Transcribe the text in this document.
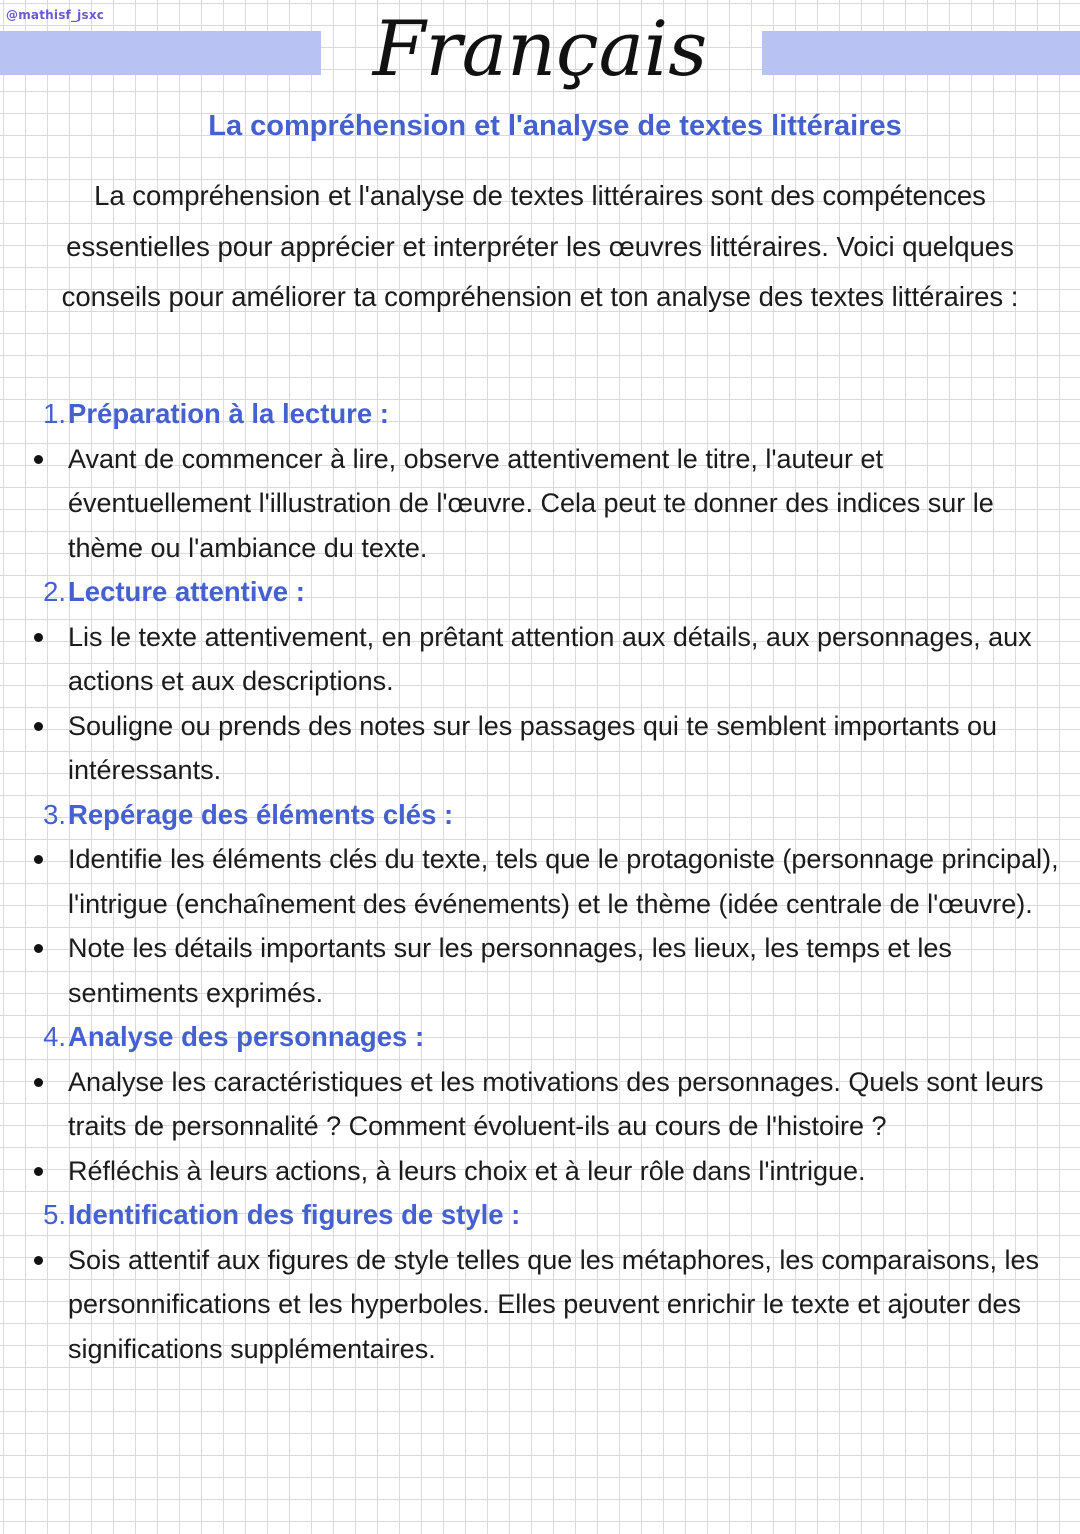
@mathisf_jsxc	Français
La compréhension et l'analyse de textes littéraires

La compréhension et l'analyse de textes littéraires sont des compétences essentielles pour apprécier et interpréter les œuvres littéraires. Voici quelques conseils pour améliorer ta compréhension et ton analyse des textes littéraires :

1. Préparation à la lecture :
Avant de commencer à lire, observe attentivement le titre, l'auteur et éventuellement l'illustration de l'œuvre. Cela peut te donner des indices sur le thème ou l'ambiance du texte.
2. Lecture attentive :
Lis le texte attentivement, en prêtant attention aux détails, aux personnages, aux actions et aux descriptions.
Souligne ou prends des notes sur les passages qui te semblent importants ou intéressants.
3. Repérage des éléments clés :
Identifie les éléments clés du texte, tels que le protagoniste (personnage principal), l'intrigue (enchaînement des événements) et le thème (idée centrale de l'œuvre).
Note les détails importants sur les personnages, les lieux, les temps et les sentiments exprimés.
4. Analyse des personnages :
Analyse les caractéristiques et les motivations des personnages. Quels sont leurs traits de personnalité ? Comment évoluent-ils au cours de l'histoire ?
Réfléchis à leurs actions, à leurs choix et à leur rôle dans l'intrigue.
5. Identification des figures de style :
Sois attentif aux figures de style telles que les métaphores, les comparaisons, les personnifications et les hyperboles. Elles peuvent enrichir le texte et ajouter des significations supplémentaires.
